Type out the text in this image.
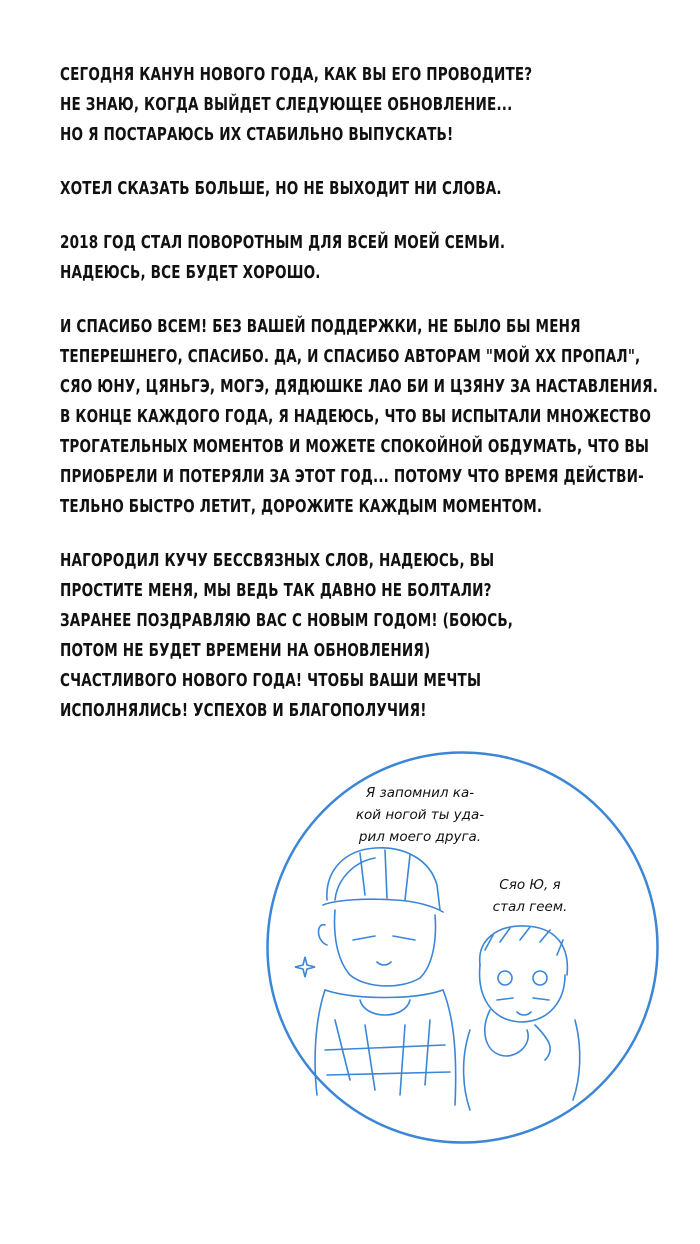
СЕГОДНЯ КАНУН НОВОГО ГОДА, КАК ВЫ ЕГО ПРОВОДИТЕ?
НЕ ЗНАЮ, КОГДА ВЫЙДЕТ СЛЕДУЮЩЕЕ ОБНОВЛЕНИЕ...
НО Я ПОСТАРАЮСЬ ИХ СТАБИЛЬНО ВЫПУСКАТЬ!
ХОТЕЛ СКАЗАТЬ БОЛЬШЕ, НО НЕ ВЫХОДИТ НИ СЛОВА.
2018 ГОД СТАЛ ПОВОРОТНЫМ ДЛЯ ВСЕЙ МОЕЙ СЕМЬИ.
НАДЕЮСЬ, ВСЕ БУДЕТ ХОРОШО.
И СПАСИБО ВСЕМ! БЕЗ ВАШЕЙ ПОДДЕРЖКИ, НЕ БЫЛО БЫ МЕНЯ
ТЕПЕРЕШНЕГО, СПАСИБО. ДА, И СПАСИБО АВТОРАМ "МОЙ ХХ ПРОПАЛ",
СЯО ЮНУ, ЦЯНЬГЭ, МОГЭ, ДЯДЮШКЕ ЛАО БИ И ЦЗЯНУ ЗА НАСТАВЛЕНИЯ.
В КОНЦЕ КАЖДОГО ГОДА, Я НАДЕЮСЬ, ЧТО ВЫ ИСПЫТАЛИ МНОЖЕСТВО
ТРОГАТЕЛЬНЫХ МОМЕНТОВ И МОЖЕТЕ СПОКОЙНОЙ ОБДУМАТЬ, ЧТО ВЫ
ПРИОБРЕЛИ И ПОТЕРЯЛИ ЗА ЭТОТ ГОД... ПОТОМУ ЧТО ВРЕМЯ ДЕЙСТВИ-
ТЕЛЬНО БЫСТРО ЛЕТИТ, ДОРОЖИТЕ КАЖДЫМ МОМЕНТОМ.
НАГОРОДИЛ КУЧУ БЕССВЯЗНЫХ СЛОВ, НАДЕЮСЬ, ВЫ
ПРОСТИТЕ МЕНЯ, МЫ ВЕДЬ ТАК ДАВНО НЕ БОЛТАЛИ?
ЗАРАНЕЕ ПОЗДРАВЛЯЮ ВАС С НОВЫМ ГОДОМ! (БОЮСЬ,
ПОТОМ НЕ БУДЕТ ВРЕМЕНИ НА ОБНОВЛЕНИЯ)
СЧАСТЛИВОГО НОВОГО ГОДА! ЧТОБЫ ВАШИ МЕЧТЫ
ИСПОЛНЯЛИСЬ! УСПЕХОВ И БЛАГОПОЛУЧИЯ!
Я запомнил ка-
кой ногой ты уда-
рил моего друга.
Сяо Ю, я
стал геем.
